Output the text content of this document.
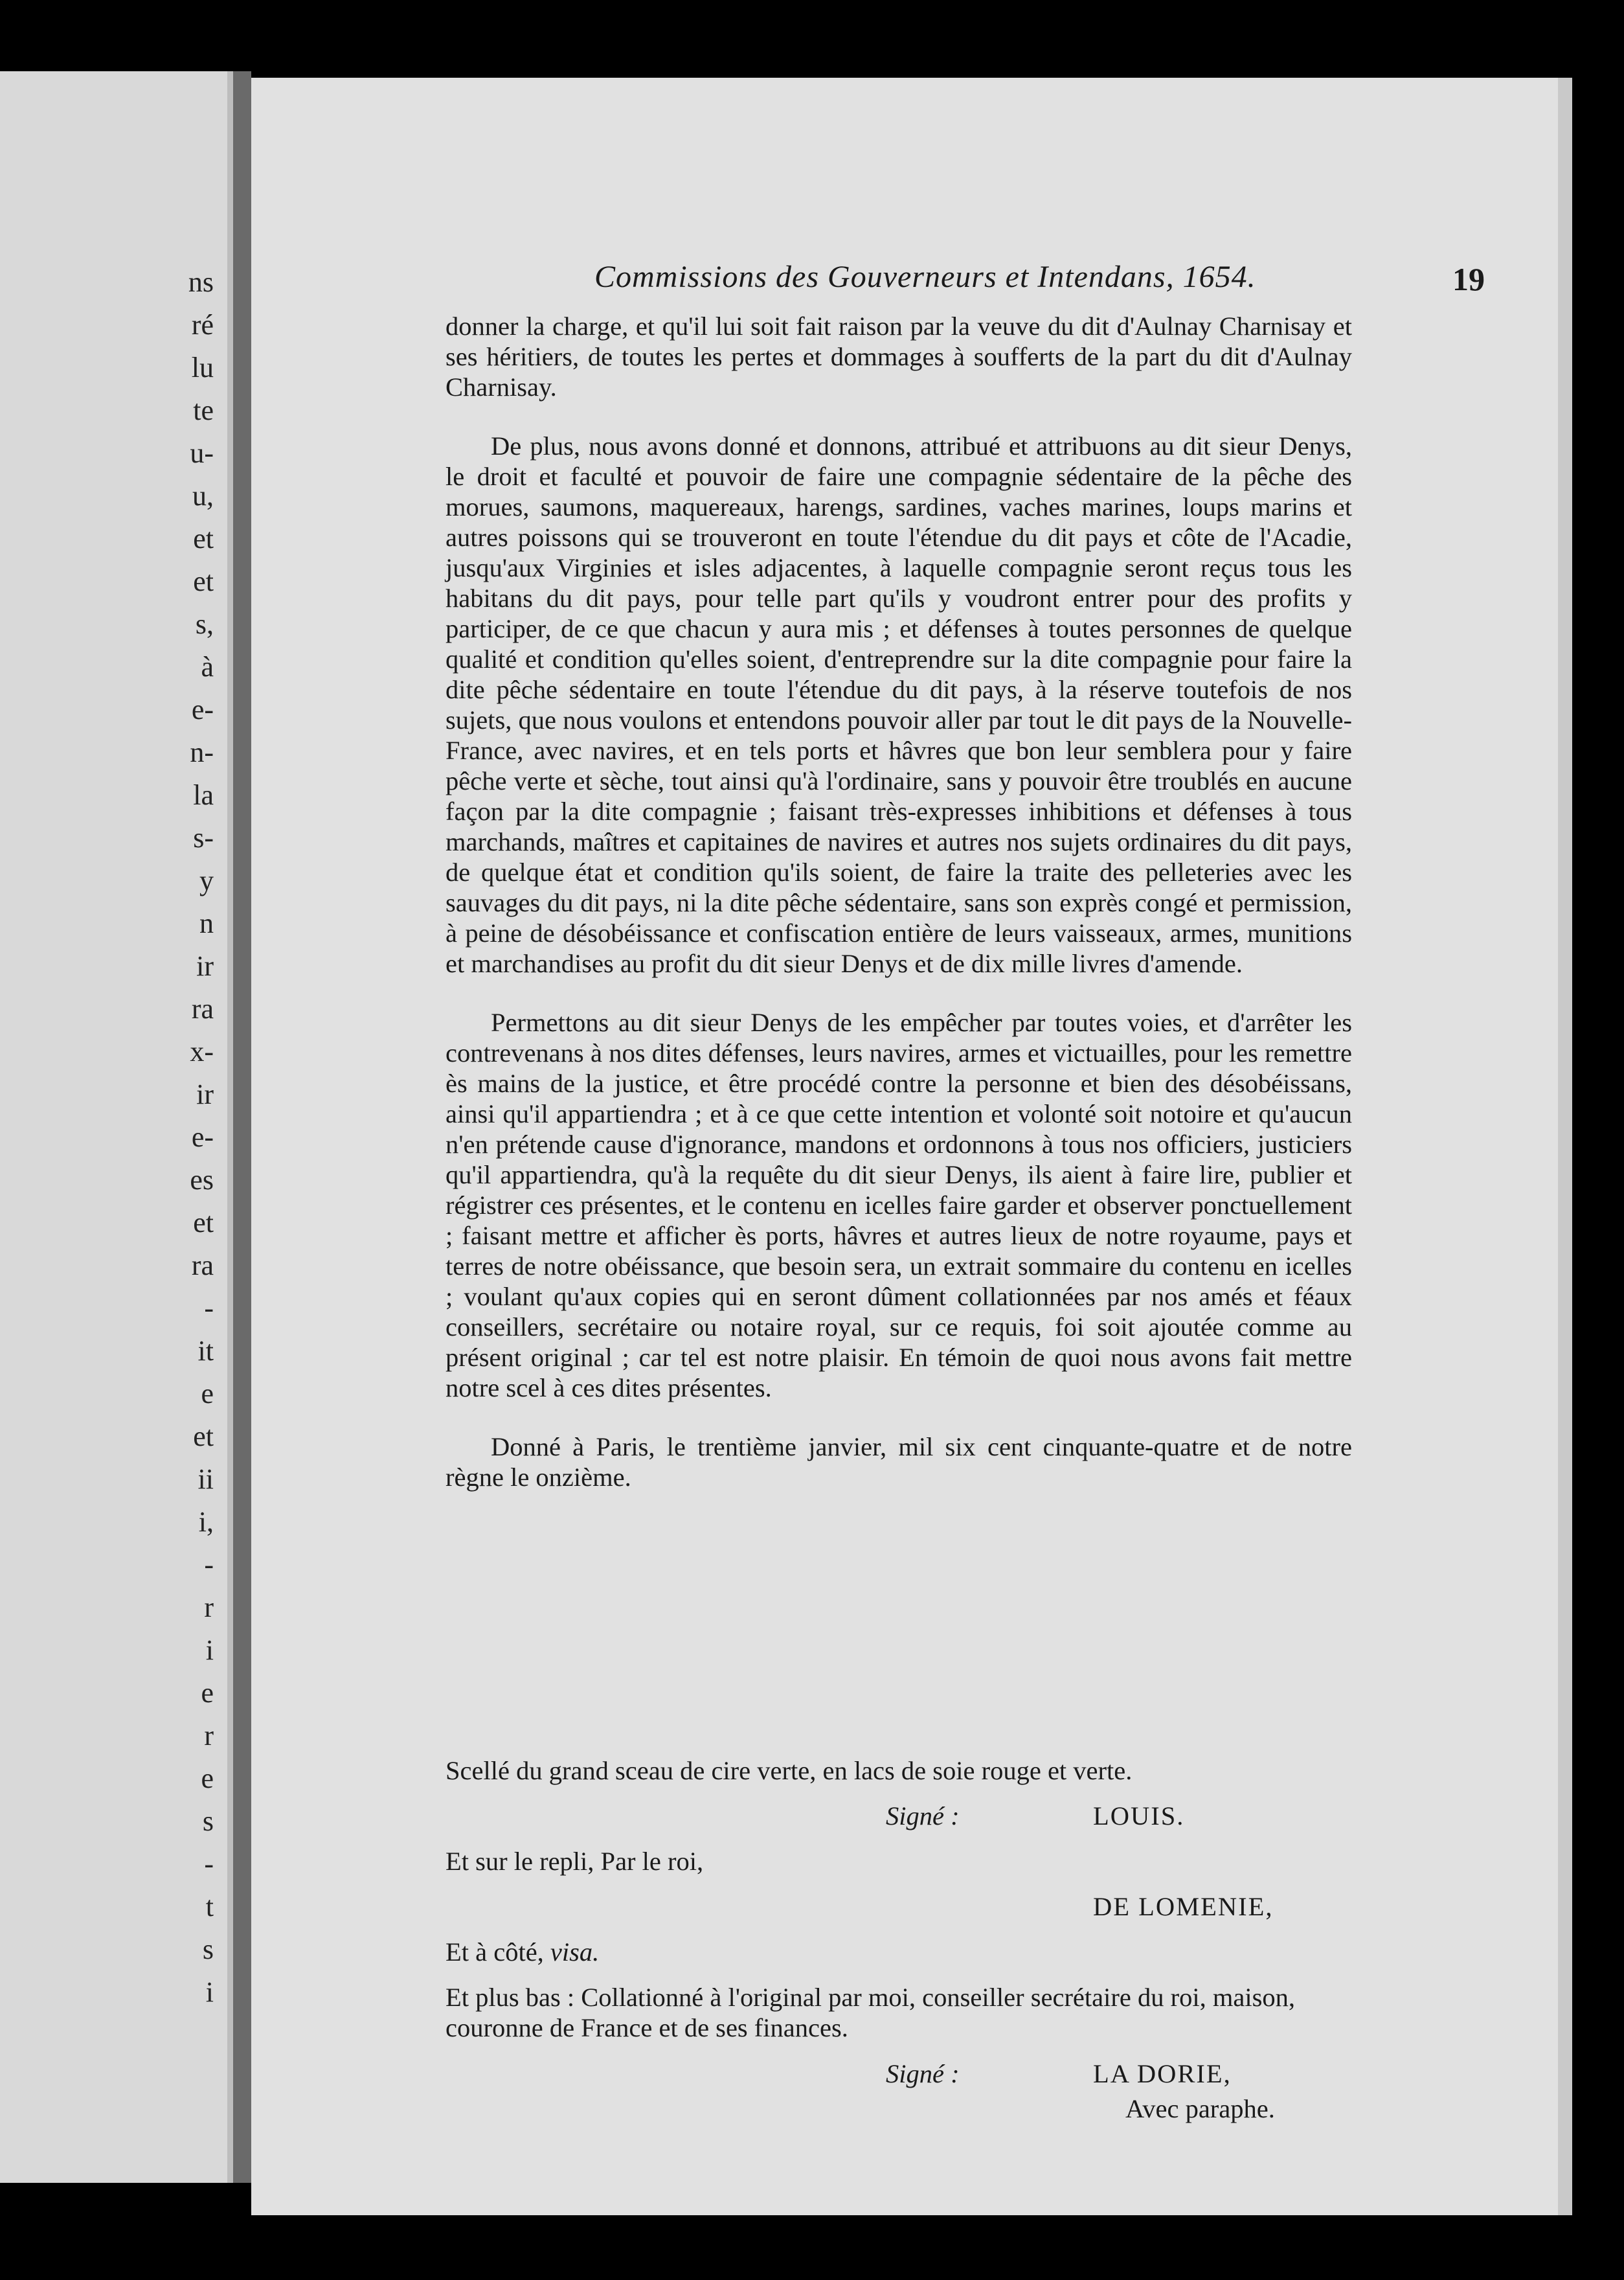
ns
ré
lu
te
u-
u,
et
et
s,
à
e-
n-
la
s-
y
n
ir
ra
x-
ir
e-
es
et
ra
-
it
e
et
ii
i,
-
r
i
e
r
e
s
-
t
s
i
Commissions des Gouverneurs et Intendans, 1654.	19

donner la charge, et qu'il lui soit fait raison par la veuve du dit d'Aulnay Charnisay et ses héritiers, de toutes les pertes et dommages à soufferts de la part du dit d'Aulnay Charnisay.

De plus, nous avons donné et donnons, attribué et attribuons au dit sieur Denys, le droit et faculté et pouvoir de faire une compagnie sédentaire de la pêche des morues, saumons, maquereaux, harengs, sardines, vaches marines, loups marins et autres poissons qui se trouveront en toute l'étendue du dit pays et côte de l'Acadie, jusqu'aux Virginies et isles adjacentes, à laquelle compagnie seront reçus tous les habitans du dit pays, pour telle part qu'ils y voudront entrer pour des profits y participer, de ce que chacun y aura mis ; et défenses à toutes personnes de quelque qualité et condition qu'elles soient, d'entreprendre sur la dite compagnie pour faire la dite pêche sédentaire en toute l'étendue du dit pays, à la réserve toutefois de nos sujets, que nous voulons et entendons pouvoir aller par tout le dit pays de la Nouvelle-France, avec navires, et en tels ports et hâvres que bon leur semblera pour y faire pêche verte et sèche, tout ainsi qu'à l'ordinaire, sans y pouvoir être troublés en aucune façon par la dite compagnie ; faisant très-expresses inhibitions et défenses à tous marchands, maîtres et capitaines de navires et autres nos sujets ordinaires du dit pays, de quelque état et condition qu'ils soient, de faire la traite des pelleteries avec les sauvages du dit pays, ni la dite pêche sédentaire, sans son exprès congé et permission, à peine de désobéissance et confiscation entière de leurs vaisseaux, armes, munitions et marchandises au profit du dit sieur Denys et de dix mille livres d'amende.

Permettons au dit sieur Denys de les empêcher par toutes voies, et d'arrêter les contrevenans à nos dites défenses, leurs navires, armes et victuailles, pour les remettre ès mains de la justice, et être procédé contre la personne et bien des désobéissans, ainsi qu'il appartiendra ; et à ce que cette intention et volonté soit notoire et qu'aucun n'en prétende cause d'ignorance, mandons et ordonnons à tous nos officiers, justiciers qu'il appartiendra, qu'à la requête du dit sieur Denys, ils aient à faire lire, publier et régistrer ces présentes, et le contenu en icelles faire garder et observer ponctuellement ; faisant mettre et afficher ès ports, hâvres et autres lieux de notre royaume, pays et terres de notre obéissance, que besoin sera, un extrait sommaire du contenu en icelles ; voulant qu'aux copies qui en seront dûment collationnées par nos amés et féaux conseillers, secrétaire ou notaire royal, sur ce requis, foi soit ajoutée comme au présent original ; car tel est notre plaisir. En témoin de quoi nous avons fait mettre notre scel à ces dites présentes.

Donné à Paris, le trentième janvier, mil six cent cinquante-quatre et de notre règne le onzième.

Scellé du grand sceau de cire verte, en lacs de soie rouge et verte.
Signé :	LOUIS.
Et sur le repli, Par le roi,
DE LOMENIE,
Et à côté, visa.
Et plus bas : Collationné à l'original par moi, conseiller secrétaire du roi, maison, couronne de France et de ses finances.
Signé :	LA DORIE,
Avec paraphe.
